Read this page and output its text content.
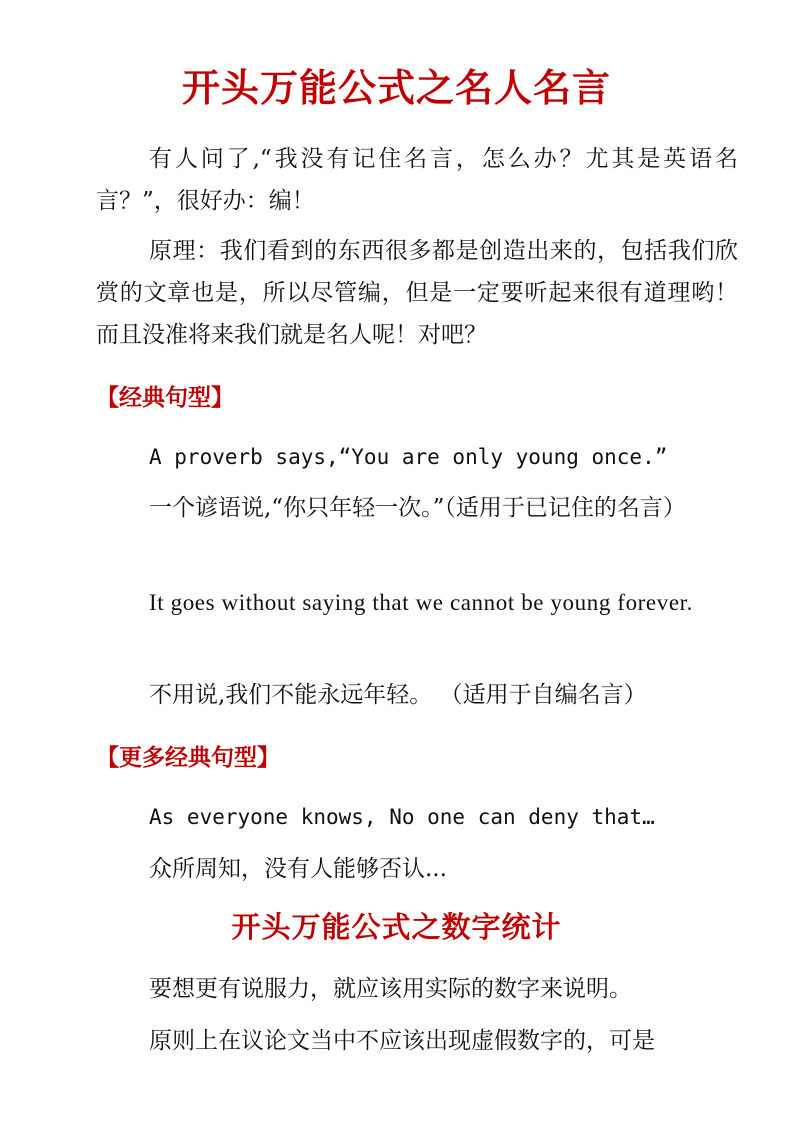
开头万能公式之名人名言

有人问了,“我没有记住名言，怎么办？尤其是英语名言？”，很好办：编！

原理：我们看到的东西很多都是创造出来的，包括我们欣赏的文章也是，所以尽管编，但是一定要听起来很有道理哟！而且没准将来我们就是名人呢！对吧？

【经典句型】

A proverb says,“You are only young once.”

一个谚语说,“你只年轻一次。”（适用于已记住的名言）

It goes without saying that we cannot be young forever.

不用说,我们不能永远年轻。 （适用于自编名言）

【更多经典句型】

As everyone knows, No one can deny that…

众所周知，没有人能够否认...

开头万能公式之数字统计

要想更有说服力，就应该用实际的数字来说明。

原则上在议论文当中不应该出现虚假数字的，可是
